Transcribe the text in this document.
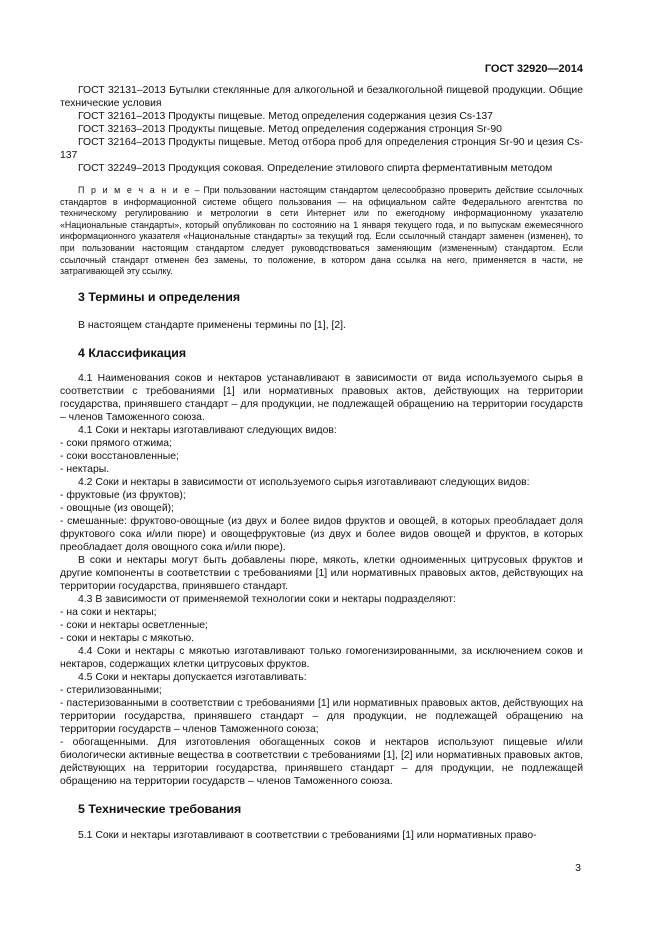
ГОСТ 32920—2014

ГОСТ 32131–2013 Бутылки стеклянные для алкогольной и безалкогольной пищевой продукции. Общие технические условия

ГОСТ 32161–2013 Продукты пищевые. Метод определения содержания цезия Cs-137

ГОСТ 32163–2013 Продукты пищевые. Метод определения содержания стронция Sr-90

ГОСТ 32164–2013 Продукты пищевые. Метод отбора проб для определения стронция Sr-90 и цезия Cs-137

ГОСТ 32249–2013 Продукция соковая. Определение этилового спирта ферментативным методом

П р и м е ч а н и е – При пользовании настоящим стандартом целесообразно проверить действие ссылочных стандартов в информационной системе общего пользования — на официальном сайте Федерального агентства по техническому регулированию и метрологии в сети Интернет или по ежегодному информационному указателю «Национальные стандарты», который опубликован по состоянию на 1 января текущего года, и по выпускам ежемесячного информационного указателя «Национальные стандарты» за текущий год. Если ссылочный стандарт заменен (изменен), то при пользовании настоящим стандартом следует руководствоваться заменяющим (измененным) стандартом. Если ссылочный стандарт отменен без замены, то положение, в котором дана ссылка на него, применяется в части, не затрагивающей эту ссылку.

3 Термины и определения

В настоящем стандарте применены термины по [1], [2].

4 Классификация

4.1 Наименования соков и нектаров устанавливают в зависимости от вида используемого сырья в соответствии с требованиями [1] или нормативных правовых актов, действующих на территории государства, принявшего стандарт – для продукции, не подлежащей обращению на территории государств – членов Таможенного союза.

4.1 Соки и нектары изготавливают следующих видов:

- соки прямого отжима;

- соки восстановленные;

- нектары.

4.2 Соки и нектары в зависимости от используемого сырья изготавливают следующих видов:

- фруктовые (из фруктов);

- овощные (из овощей);

- смешанные: фруктово-овощные (из двух и более видов фруктов и овощей, в которых преобладает доля фруктового сока и/или пюре) и овощефруктовые (из двух и более видов овощей и фруктов, в которых преобладает доля овощного сока и/или пюре).

В соки и нектары могут быть добавлены пюре, мякоть, клетки одноименных цитрусовых фруктов и другие компоненты в соответствии с требованиями [1] или нормативных правовых актов, действующих на территории государства, принявшего стандарт.

4.3 В зависимости от применяемой технологии соки и нектары подразделяют:

- на соки и нектары;

- соки и нектары осветленные;

- соки и нектары с мякотью.

4.4 Соки и нектары с мякотью изготавливают только гомогенизированными, за исключением соков и нектаров, содержащих клетки цитрусовых фруктов.

4.5 Соки и нектары допускается изготавливать:

- стерилизованными;

- пастеризованными в соответствии с требованиями [1] или нормативных правовых актов, действующих на территории государства, принявшего стандарт – для продукции, не подлежащей обращению на территории государств – членов Таможенного союза;

- обогащенными. Для изготовления обогащенных соков и нектаров используют пищевые и/или биологически активные вещества в соответствии с требованиями [1], [2] или нормативных правовых актов, действующих на территории государства, принявшего стандарт – для продукции, не подлежащей обращению на территории государств – членов Таможенного союза.

5 Технические требования

5.1 Соки и нектары изготавливают в соответствии с требованиями [1] или нормативных право-

3
